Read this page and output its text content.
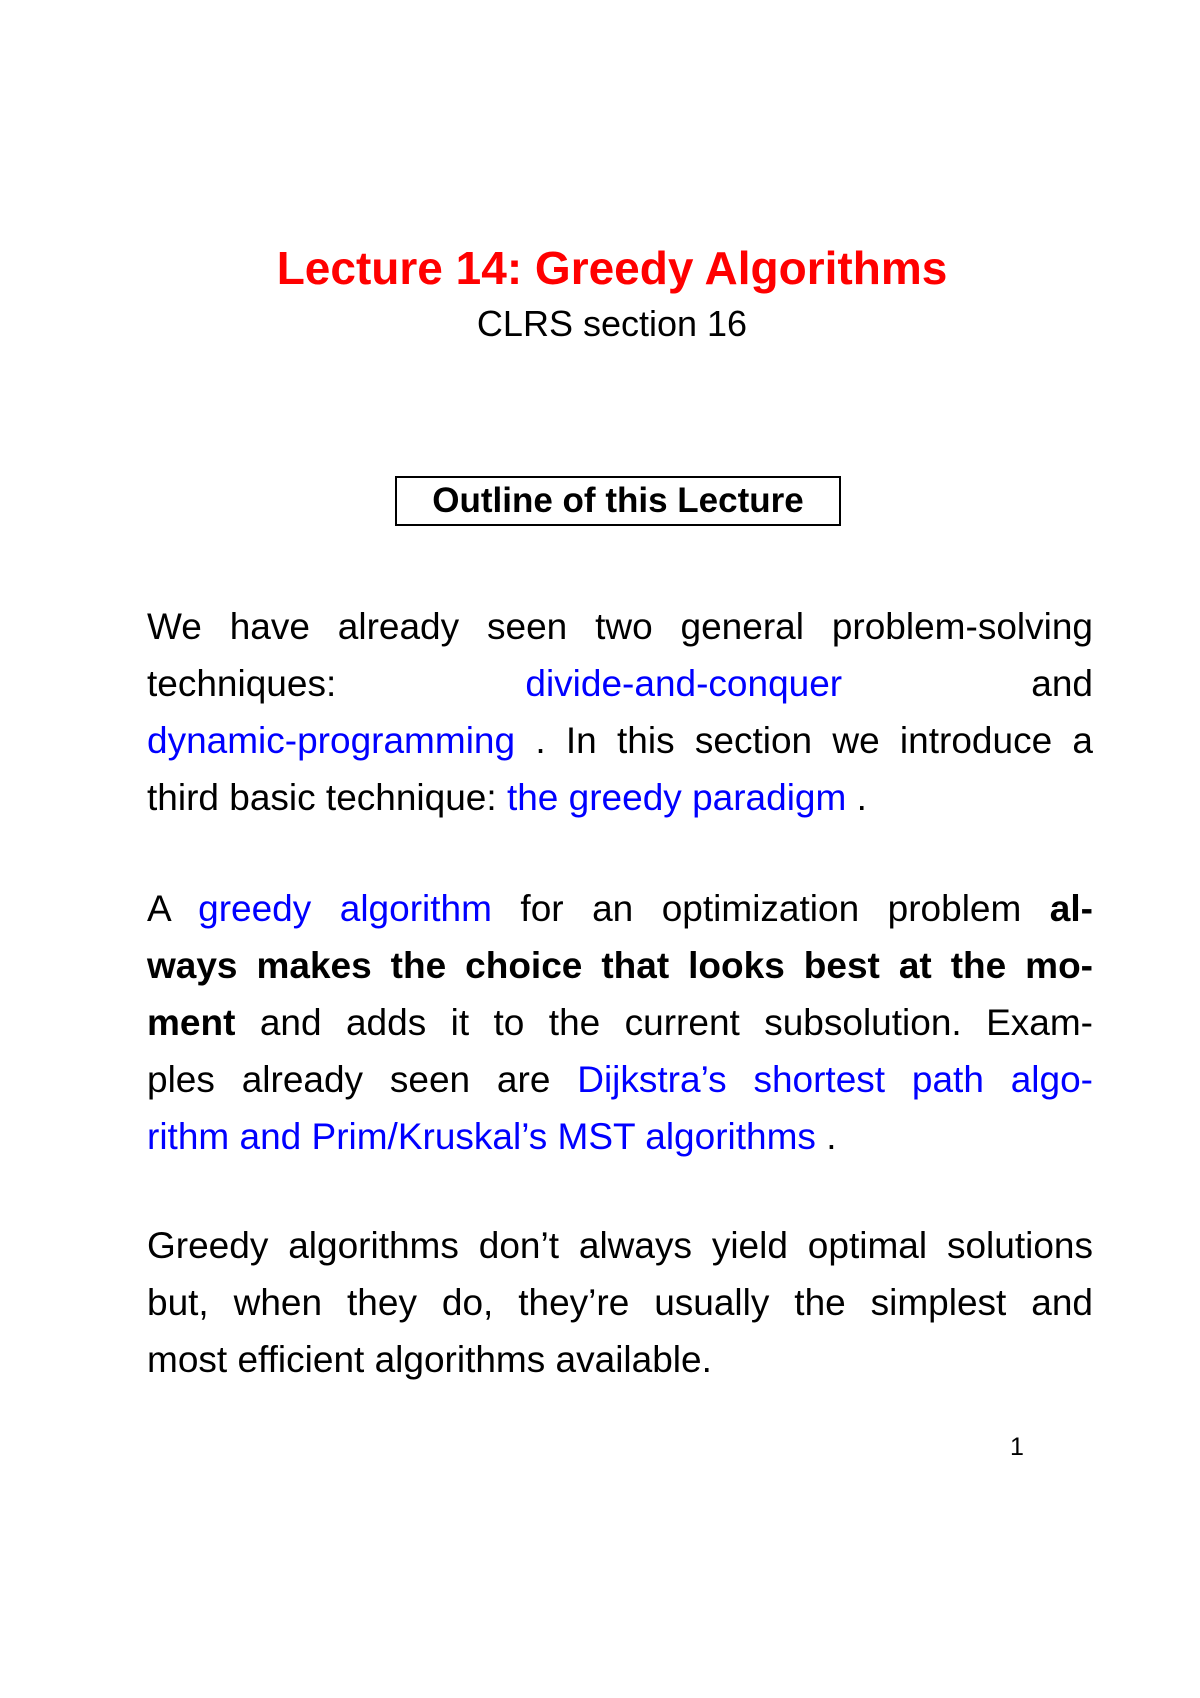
Lecture 14: Greedy Algorithms
CLRS section 16
Outline of this Lecture
We have already seen two general problem-solving
techniques: divide-and-conquer and
dynamic-programming . In this section we introduce a
third basic technique: the greedy paradigm .
A greedy algorithm for an optimization problem al-
ways makes the choice that looks best at the mo-
ment and adds it to the current subsolution. Exam-
ples already seen are Dijkstra’s shortest path algo-
rithm and Prim/Kruskal’s MST algorithms .
Greedy algorithms don’t always yield optimal solutions
but, when they do, they’re usually the simplest and
most efficient algorithms available.
1
